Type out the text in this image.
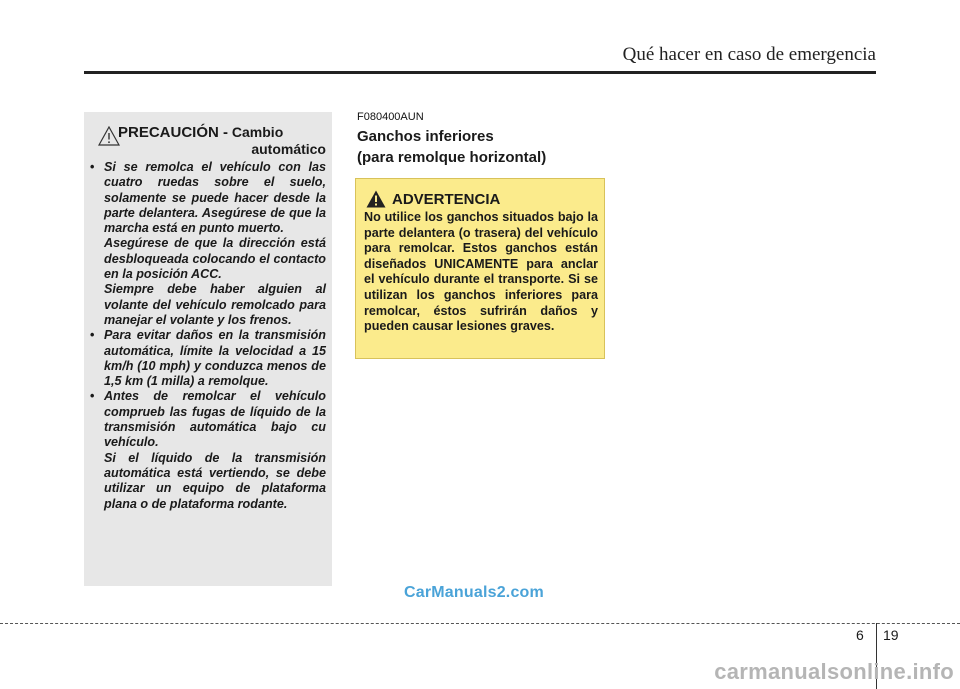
Qué hacer en caso de emergencia
PRECAUCIÓN - Cambio
automático
• Si se remolca el vehículo con las cuatro ruedas sobre el suelo, solamente se puede hacer desde la parte delantera. Asegúrese de que la marcha está en punto muerto.
Asegúrese de que la dirección está desbloqueada colocando el contacto en la posición ACC.
Siempre debe haber alguien al volante del vehículo remolcado para manejar el volante y los frenos.
• Para evitar daños en la transmisión automática, límite la velocidad a 15 km/h (10 mph) y conduzca menos de 1,5 km (1 milla) a remolque.
• Antes de remolcar el vehículo comprueb las fugas de líquido de la transmisión automática bajo cu vehículo.
Si el líquido de la transmisión automática está vertiendo, se debe utilizar un equipo de plataforma plana o de plataforma rodante.
F080400AUN
Ganchos inferiores
(para remolque horizontal)
ADVERTENCIA

No utilice los ganchos situados bajo la parte delantera (o trasera) del vehículo para remolcar. Estos ganchos están diseñados UNICAMENTE para anclar el vehículo durante el transporte. Si se utilizan los ganchos inferiores para remolcar, éstos sufrirán daños y pueden causar lesiones graves.

CarManuals2.com
6 19
carmanualsonline.info
